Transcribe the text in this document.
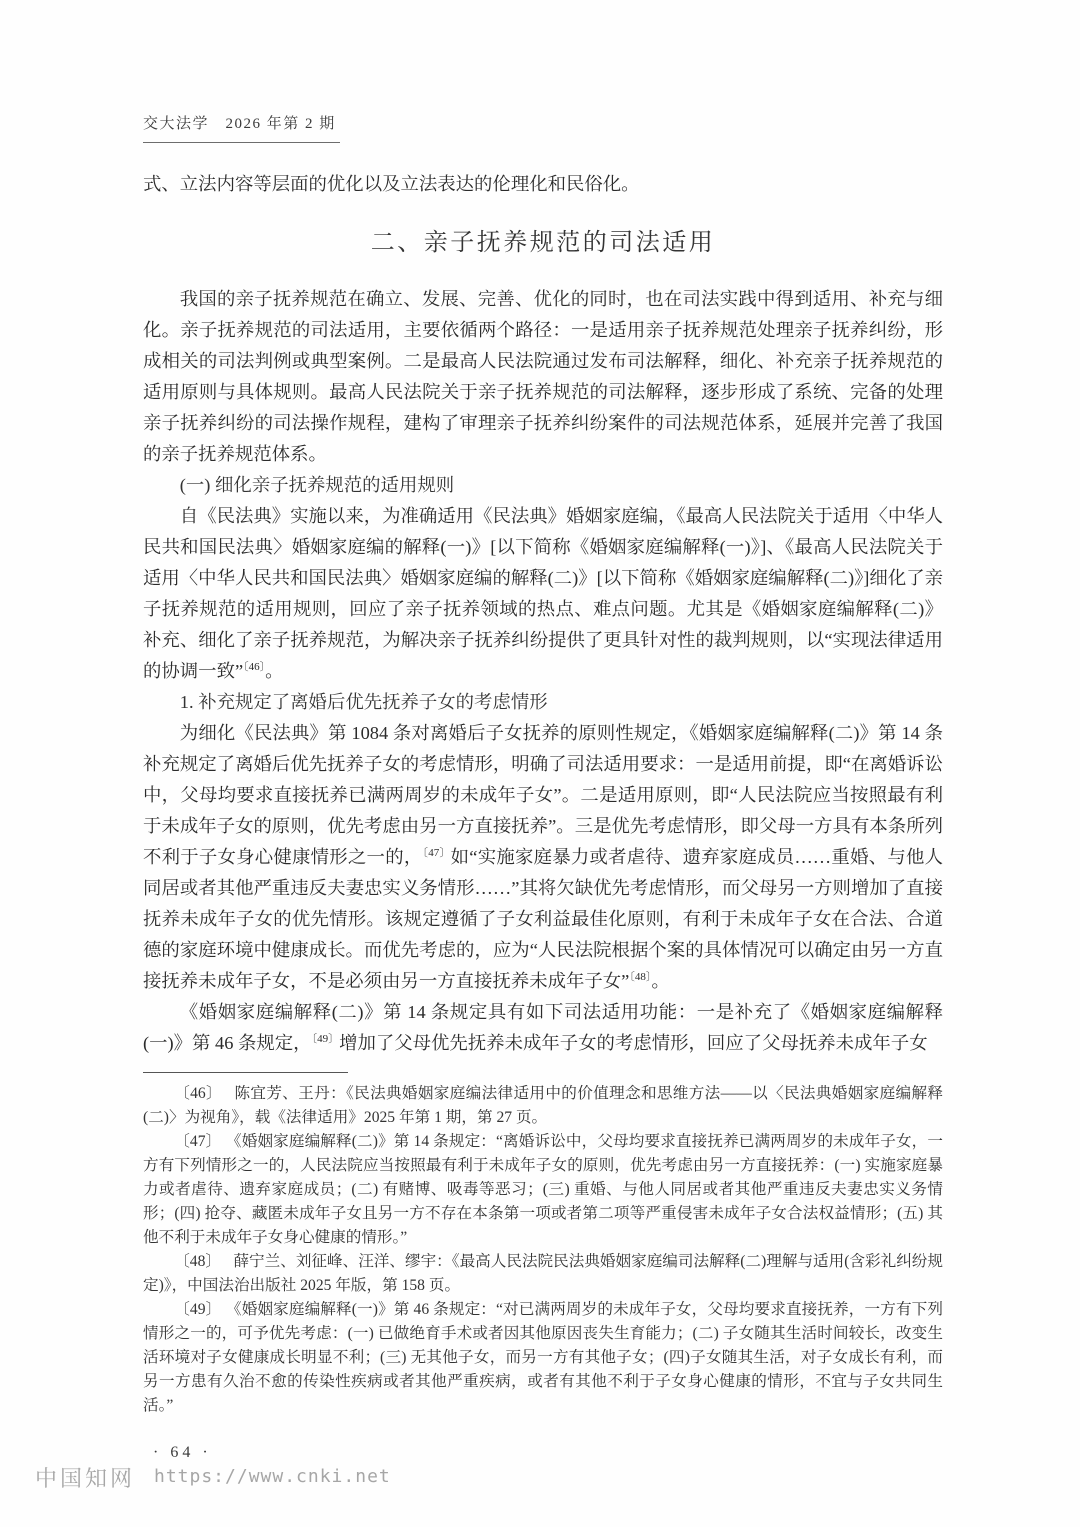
交大法学　2026 年第 2 期

式、立法内容等层面的优化以及立法表达的伦理化和民俗化。

二、亲子抚养规范的司法适用

我国的亲子抚养规范在确立、发展、完善、优化的同时，也在司法实践中得到适用、补充与细化。亲子抚养规范的司法适用，主要依循两个路径：一是适用亲子抚养规范处理亲子抚养纠纷，形成相关的司法判例或典型案例。二是最高人民法院通过发布司法解释，细化、补充亲子抚养规范的适用原则与具体规则。最高人民法院关于亲子抚养规范的司法解释，逐步形成了系统、完备的处理亲子抚养纠纷的司法操作规程，建构了审理亲子抚养纠纷案件的司法规范体系，延展并完善了我国的亲子抚养规范体系。

(一) 细化亲子抚养规范的适用规则

自《民法典》实施以来，为准确适用《民法典》婚姻家庭编，《最高人民法院关于适用〈中华人民共和国民法典〉婚姻家庭编的解释(一)》[以下简称《婚姻家庭编解释(一)》]、《最高人民法院关于适用〈中华人民共和国民法典〉婚姻家庭编的解释(二)》[以下简称《婚姻家庭编解释(二)》]细化了亲子抚养规范的适用规则，回应了亲子抚养领域的热点、难点问题。尤其是《婚姻家庭编解释(二)》补充、细化了亲子抚养规范，为解决亲子抚养纠纷提供了更具针对性的裁判规则，以“实现法律适用的协调一致”$^{〔46〕}$。

1. 补充规定了离婚后优先抚养子女的考虑情形

为细化《民法典》第 1084 条对离婚后子女抚养的原则性规定，《婚姻家庭编解释(二)》第 14 条补充规定了离婚后优先抚养子女的考虑情形，明确了司法适用要求：一是适用前提，即“在离婚诉讼中，父母均要求直接抚养已满两周岁的未成年子女”。二是适用原则，即“人民法院应当按照最有利于未成年子女的原则，优先考虑由另一方直接抚养”。三是优先考虑情形，即父母一方具有本条所列不利于子女身心健康情形之一的，$^{〔47〕}$如“实施家庭暴力或者虐待、遗弃家庭成员……重婚、与他人同居或者其他严重违反夫妻忠实义务情形……”其将欠缺优先考虑情形，而父母另一方则增加了直接抚养未成年子女的优先情形。该规定遵循了子女利益最佳化原则，有利于未成年子女在合法、合道德的家庭环境中健康成长。而优先考虑的，应为“人民法院根据个案的具体情况可以确定由另一方直接抚养未成年子女，不是必须由另一方直接抚养未成年子女”$^{〔48〕}$。

《婚姻家庭编解释(二)》第 14 条规定具有如下司法适用功能：一是补充了《婚姻家庭编解释(一)》第 46 条规定，$^{〔49〕}$增加了父母优先抚养未成年子女的考虑情形，回应了父母抚养未成年子女

〔46〕 陈宜芳、王丹：《民法典婚姻家庭编法律适用中的价值理念和思维方法——以〈民法典婚姻家庭编解释(二)〉为视角》，载《法律适用》2025 年第 1 期，第 27 页。

〔47〕 《婚姻家庭编解释(二)》第 14 条规定：“离婚诉讼中，父母均要求直接抚养已满两周岁的未成年子女，一方有下列情形之一的，人民法院应当按照最有利于未成年子女的原则，优先考虑由另一方直接抚养：(一) 实施家庭暴力或者虐待、遗弃家庭成员；(二) 有赌博、吸毒等恶习；(三) 重婚、与他人同居或者其他严重违反夫妻忠实义务情形；(四) 抢夺、藏匿未成年子女且另一方不存在本条第一项或者第二项等严重侵害未成年子女合法权益情形；(五) 其他不利于未成年子女身心健康的情形。”

〔48〕 薛宁兰、刘征峰、汪洋、缪宇：《最高人民法院民法典婚姻家庭编司法解释(二)理解与适用(含彩礼纠纷规定)》，中国法治出版社 2025 年版，第 158 页。

〔49〕 《婚姻家庭编解释(一)》第 46 条规定：“对已满两周岁的未成年子女，父母均要求直接抚养，一方有下列情形之一的，可予优先考虑：(一) 已做绝育手术或者因其他原因丧失生育能力；(二) 子女随其生活时间较长，改变生活环境对子女健康成长明显不利；(三) 无其他子女，而另一方有其他子女；(四)子女随其生活，对子女成长有利，而另一方患有久治不愈的传染性疾病或者其他严重疾病，或者有其他不利于子女身心健康的情形，不宜与子女共同生活。”

· 64 ·
中国知网 https://www.cnki.net
